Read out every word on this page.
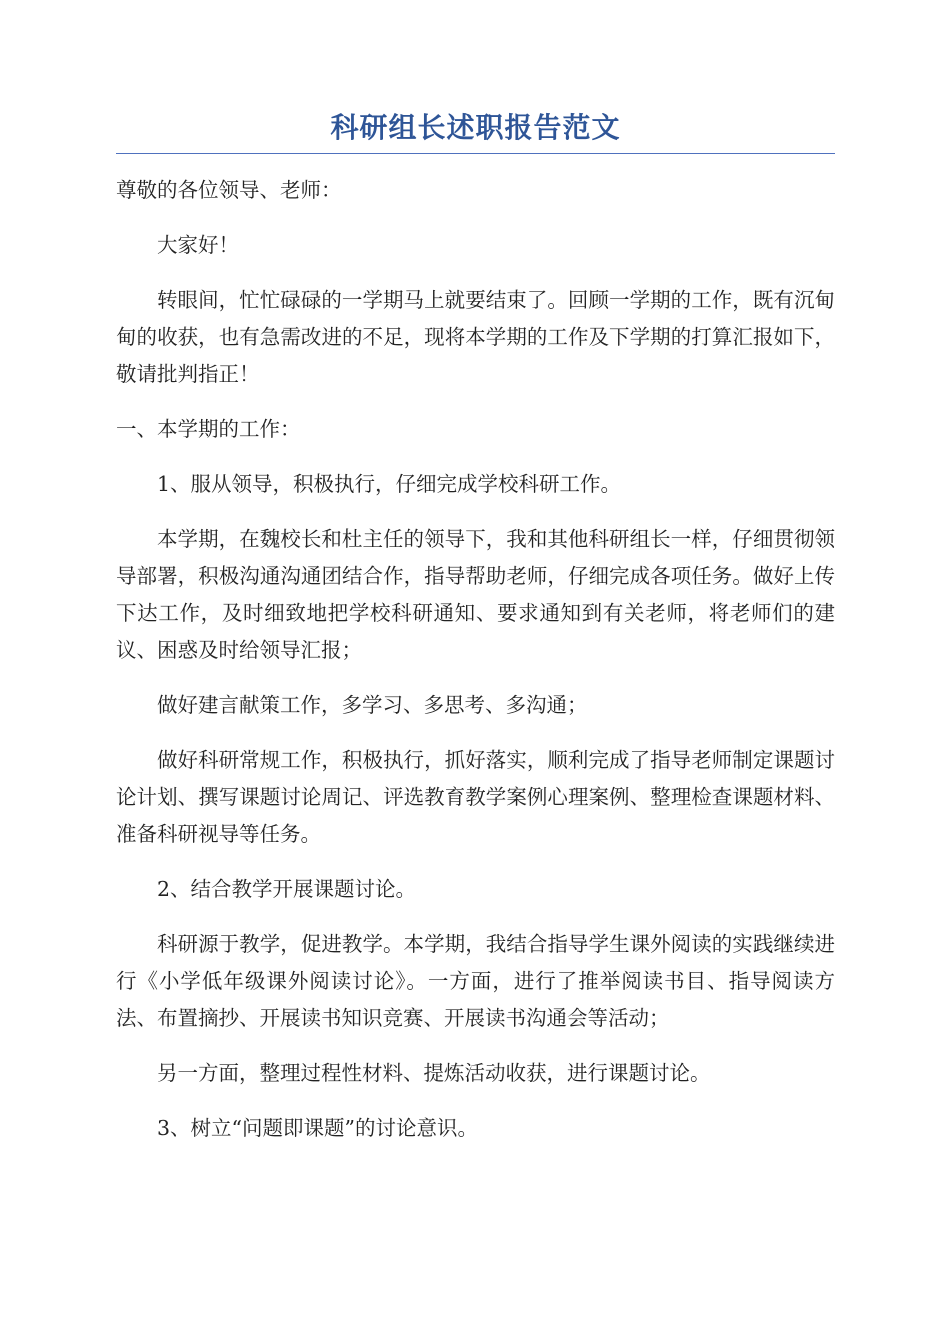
科研组长述职报告范文

尊敬的各位领导、老师：

大家好！

转眼间，忙忙碌碌的一学期马上就要结束了。回顾一学期的工作，既有沉甸甸的收获，也有急需改进的不足，现将本学期的工作及下学期的打算汇报如下，敬请批判指正！

一、本学期的工作：

1、服从领导，积极执行，仔细完成学校科研工作。

本学期，在魏校长和杜主任的领导下，我和其他科研组长一样，仔细贯彻领导部署，积极沟通沟通团结合作，指导帮助老师，仔细完成各项任务。做好上传下达工作，及时细致地把学校科研通知、要求通知到有关老师，将老师们的建议、困惑及时给领导汇报；

做好建言献策工作，多学习、多思考、多沟通；

做好科研常规工作，积极执行，抓好落实，顺利完成了指导老师制定课题讨论计划、撰写课题讨论周记、评选教育教学案例心理案例、整理检查课题材料、准备科研视导等任务。

2、结合教学开展课题讨论。

科研源于教学，促进教学。本学期，我结合指导学生课外阅读的实践继续进行《小学低年级课外阅读讨论》。一方面，进行了推举阅读书目、指导阅读方法、布置摘抄、开展读书知识竞赛、开展读书沟通会等活动；

另一方面，整理过程性材料、提炼活动收获，进行课题讨论。

3、树立“问题即课题”的讨论意识。
